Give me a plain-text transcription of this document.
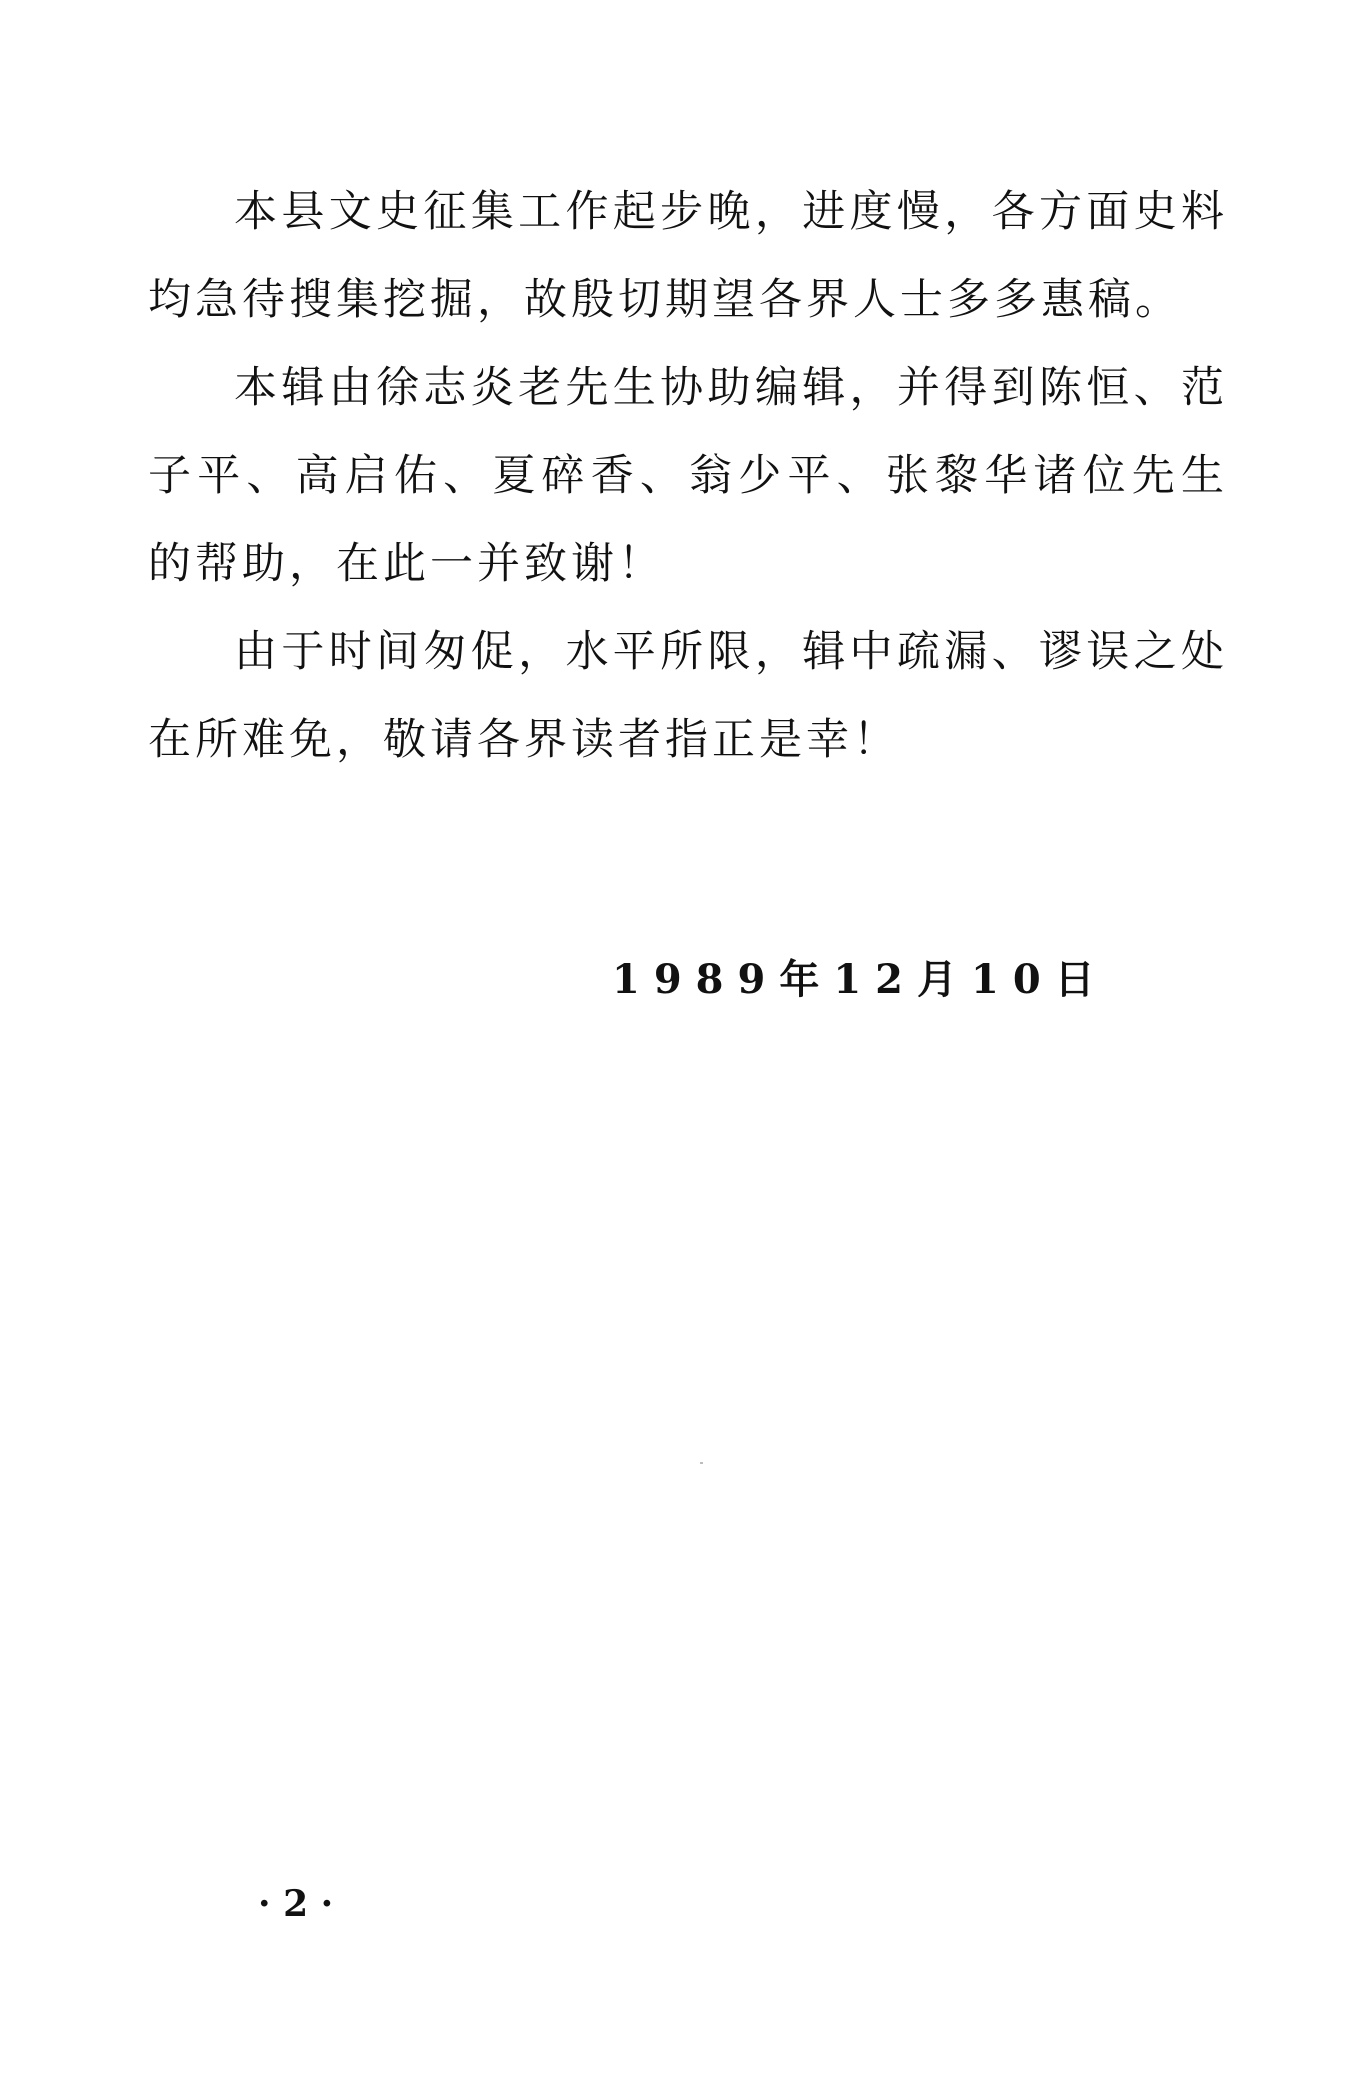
本县文史征集工作起步晚，进度慢，各方面史料均急待搜集挖掘，故殷切期望各界人士多多惠稿。

本辑由徐志炎老先生协助编辑，并得到陈恒、范子平、高启佑、夏碎香、翁少平、张黎华诸位先生的帮助，在此一并致谢！

由于时间匆促，水平所限，辑中疏漏、谬误之处在所难免，敬请各界读者指正是幸！

1989年12月10日
· 2 ·
